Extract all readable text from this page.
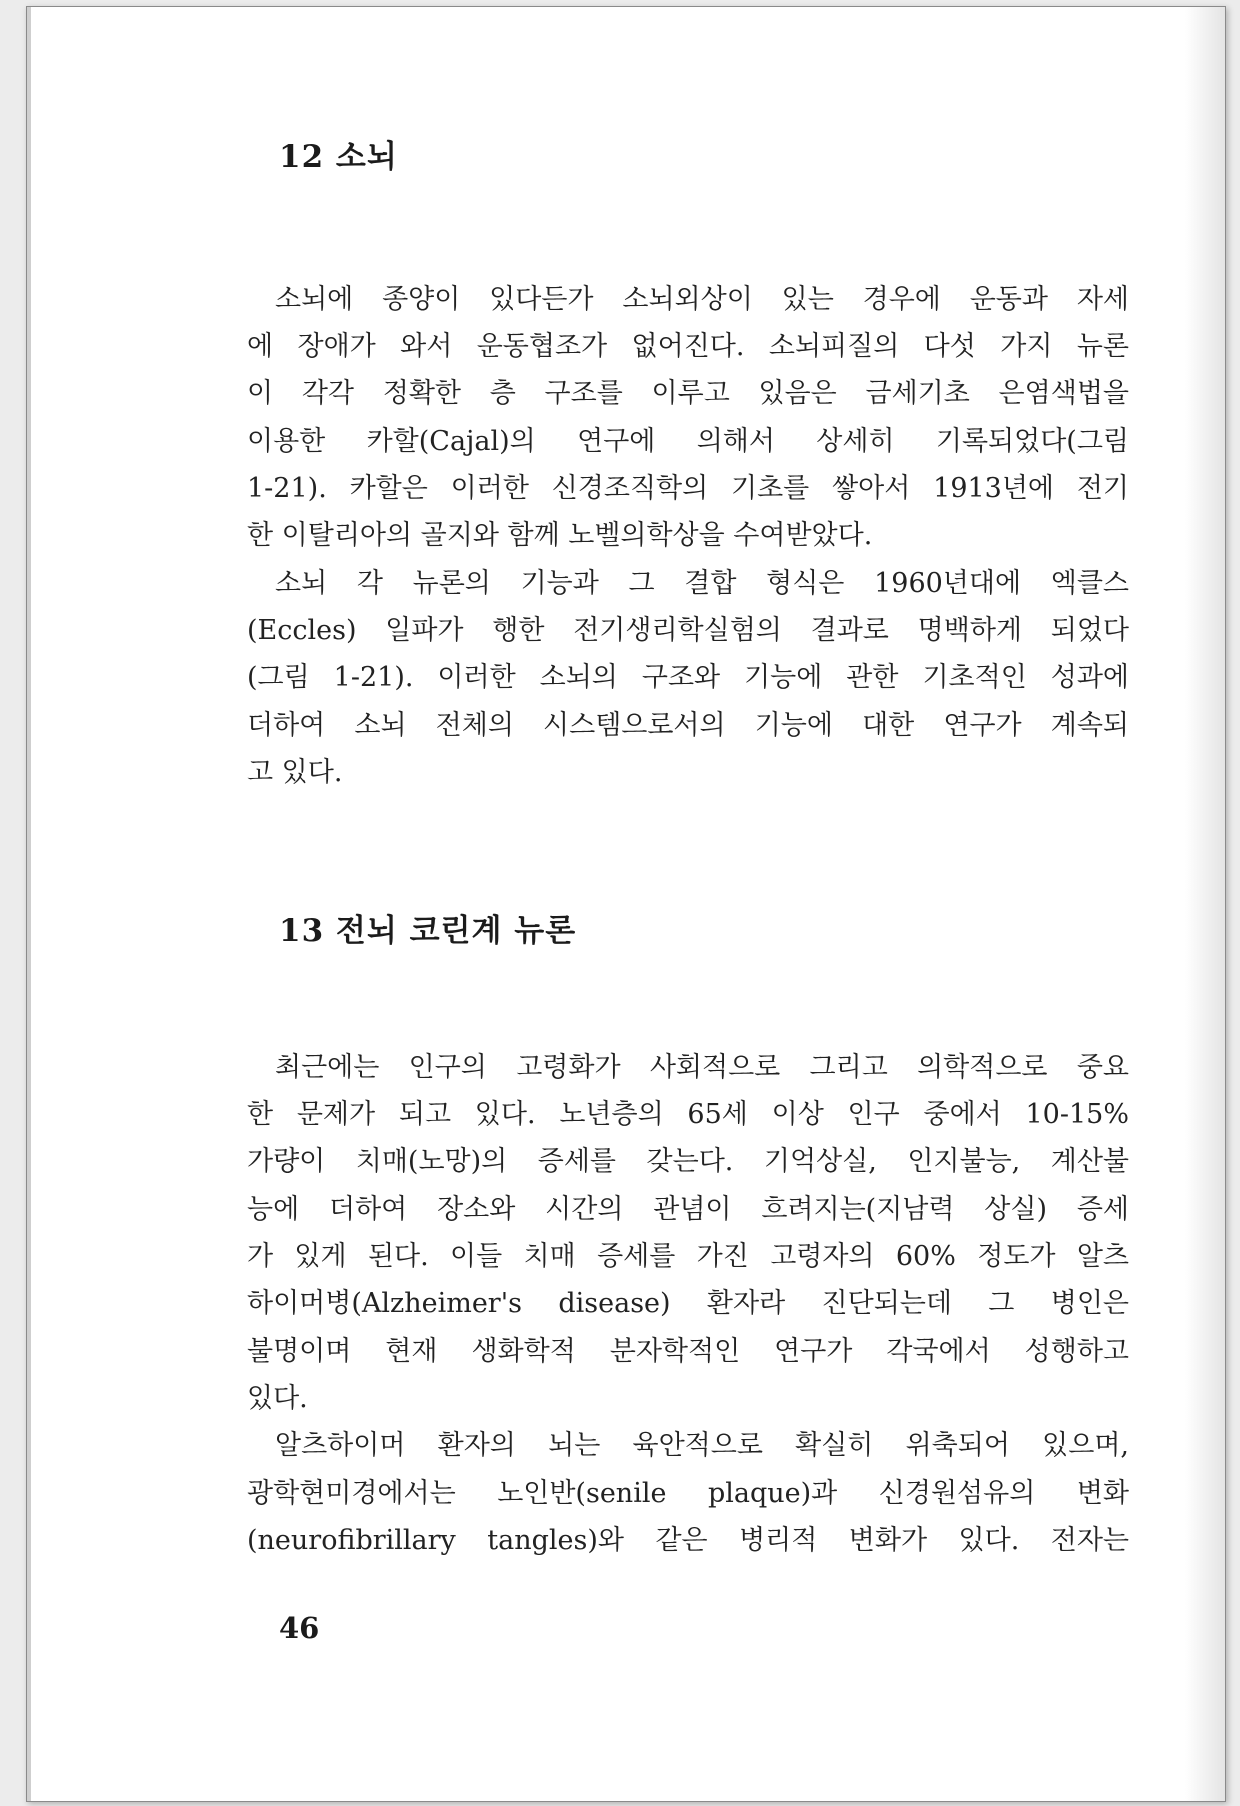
12 소뇌
소뇌에 종양이 있다든가 소뇌외상이 있는 경우에 운동과 자세
에 장애가 와서 운동협조가 없어진다. 소뇌피질의 다섯 가지 뉴론
이 각각 정확한 층 구조를 이루고 있음은 금세기초 은염색법을
이용한 카할(Cajal)의 연구에 의해서 상세히 기록되었다(그림
1-21). 카할은 이러한 신경조직학의 기초를 쌓아서 1913년에 전기
한 이탈리아의 골지와 함께 노벨의학상을 수여받았다.
소뇌 각 뉴론의 기능과 그 결합 형식은 1960년대에 엑클스
(Eccles) 일파가 행한 전기생리학실험의 결과로 명백하게 되었다
(그림 1-21). 이러한 소뇌의 구조와 기능에 관한 기초적인 성과에
더하여 소뇌 전체의 시스템으로서의 기능에 대한 연구가 계속되
고 있다.
13 전뇌 코린계 뉴론
최근에는 인구의 고령화가 사회적으로 그리고 의학적으로 중요
한 문제가 되고 있다. 노년층의 65세 이상 인구 중에서 10-15%
가량이 치매(노망)의 증세를 갖는다. 기억상실, 인지불능, 계산불
능에 더하여 장소와 시간의 관념이 흐려지는(지남력 상실) 증세
가 있게 된다. 이들 치매 증세를 가진 고령자의 60% 정도가 알츠
하이머병(Alzheimer's disease) 환자라 진단되는데 그 병인은
불명이며 현재 생화학적 분자학적인 연구가 각국에서 성행하고
있다.
알츠하이머 환자의 뇌는 육안적으로 확실히 위축되어 있으며,
광학현미경에서는 노인반(senile plaque)과 신경원섬유의 변화
(neurofibrillary tangles)와 같은 병리적 변화가 있다. 전자는
46
